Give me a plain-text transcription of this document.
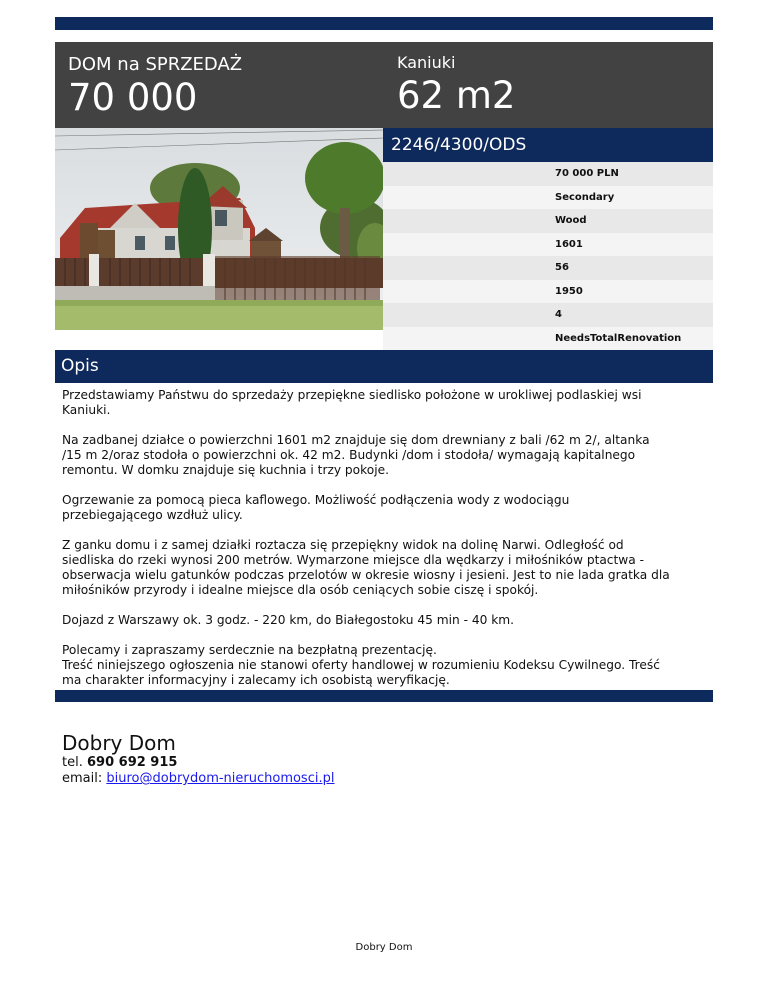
DOM na SPRZEDAŻ
70 000
Kaniuki
62 m2
2246/4300/ODS
70 000 PLN
Secondary
Wood
1601
56
1950
4
NeedsTotalRenovation
Opis

Przedstawiamy Państwu do sprzedaży przepiękne siedlisko położone w urokliwej podlaskiej wsi
Kaniuki.

Na zadbanej działce o powierzchni 1601 m2 znajduje się dom drewniany z bali /62 m 2/, altanka
/15 m 2/oraz stodoła o powierzchni ok. 42 m2. Budynki /dom i stodoła/ wymagają kapitalnego
remontu. W domku znajduje się kuchnia i trzy pokoje.

Ogrzewanie za pomocą pieca kaflowego. Możliwość podłączenia wody z wodociągu
przebiegającego wzdłuż ulicy.

Z ganku domu i z samej działki roztacza się przepiękny widok na dolinę Narwi. Odległość od
siedliska do rzeki wynosi 200 metrów. Wymarzone miejsce dla wędkarzy i miłośników ptactwa -
obserwacja wielu gatunków podczas przelotów w okresie wiosny i jesieni. Jest to nie lada gratka dla
miłośników przyrody i idealne miejsce dla osób ceniących sobie ciszę i spokój.

Dojazd z Warszawy ok. 3 godz. - 220 km, do Białegostoku 45 min - 40 km.

Polecamy i zapraszamy serdecznie na bezpłatną prezentację.
Treść niniejszego ogłoszenia nie stanowi oferty handlowej w rozumieniu Kodeksu Cywilnego. Treść
ma charakter informacyjny i zalecamy ich osobistą weryfikację.

Dobry Dom
tel. 690 692 915
email: biuro@dobrydom-nieruchomosci.pl
Dobry Dom
